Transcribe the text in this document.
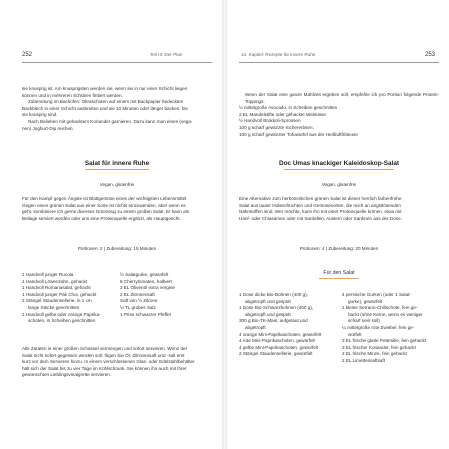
252	Teil III: Der Plan
sie knusprig ist. Am knusprigsten werden sie, wenn sie in nur einer Schicht liegen
können und in mehreren Schüben frittiert werden.
Zubereitung im Backofen: Okraschoten auf einem mit Backpapier bedeckten
Backblech in einer Schicht ausbreiten und sie 10 Minuten oder länger backen, bis
sie knusprig sind.
Nach Belieben mit gehacktem Koriander garnieren. Dazu kann man einen (vega-
nen) Joghurt-Dip reichen.
Salat für innere Ruhe
Vegan, glutenfrei
Für den Kampf gegen Ängste ist Blattgemüse eines der wichtigsten Lebensmittel.
Gegen einen grünen Salat aus einer Sorte ist nichts einzuwenden, aber wenn es
geht, kombiniere ich gerne diverses Grünzeug zu einem großen Salat. Er kann als
Beilage serviert werden oder uns eine Proteinquelle ergänzt, als Hauptgericht.
Portionen: 2 | Zubereitung: 15 Minuten
1 Handvoll junger Rucola
1 Handvoll Löwenzahn, gehackt
1 Handvoll Romanasalat, gehackt
1 Handvoll junger Pak Choi, gehackt
2 Stängel Staudensellerie, in 1 cm
lange Stücke geschnitten
1 Handvoll gelbe oder orange Paprika-
schoten, in Scheiben geschnitten
½ Salatgurke, gewürfelt
8 Cherrytomaten, halbiert
2 EL Olivenöl extra vergine
2 EL Zitronensaft
Saft von ½ Zitrone
½ TL grobes Salz
1 Prise schwarzer Pfeffer
Alle Zutaten in einer großen Schüssel vermengen und sofort servieren. Wenn der
Salat nicht sofort gegessen werden soll, fügen Sie Öl, Zitronensaft und ·salt erst
kurz vor dem Servieren hinzu. In einem verschlossenen Glas- oder Edelstahlbehälter
hält sich der Salat bis zu vier Tage im Kühlschrank. Sie können ihn auch mit Ihrer
gewünschten Lieblingsvinaigrette servieren.
14. Kapitel: Rezepte für innere Ruhe	253

Wenn der Salat eine ganze Mahlzeit ergeben soll, empfehle ich pro Portion folgende Protein-Toppings:

½ mittelgroße Avocado, in Scheiben geschnitten
2 EL Mandelstifte oder gehackte Walnüsse
½ Handvoll Brokkoli-Sprossen
100 g scharf gewürzte Kichererbsen,
100 g scharf gewürzter Tofuwürfel aus der Heißluftfritteuse
Doc Umas knackiger Kaleidoskop-Salat
Vegan, glutenfrei
Eine Alternative zum herkömmlichen grünen Salat ist dieser herrlich farbenfrohe
Salat aus lauter Hülsenfrüchten und Gemüsesorten, die reich an angstlösenden
Nährstoffen sind. Wer möchte, kann ihn mit einer Proteinquelle krönen, etwa mit
Hanf- oder Chiasamen oder mit Sardellen, Austern oder Sardinen aus der Dose.
Portionen: 4 | Zubereitung: 20 Minuten
Für den Salat
1 Dose dicke Bio-Bohnen (400 g),
abgetropft und gespült
1 Dose Bio-Schwarzbohnen (400 g),
abgetropft und gespült
300 g Bio-TK-Mais, aufgetaut und
abgetropft
4 orange Mini-Paprikaschoten, gewürfelt
4 rote Mini-Paprikaschoten, gewürfelt
4 gelbe Mini-Paprikaschoten, gewürfelt
2 Stängel Staudensellerie, gewürfelt
4 persische Gurken (oder 1 Salat-
gurke), gewürfelt
1 kleine Serrano-Chilischote, fein ge-
hackt (ohne Kerne, wenn es weniger
scharf sein soll)
¼ mittelgroße rote Zwiebel, fein ge-
würfelt
3 EL frische glatte Petersilie, fein gehackt
3 EL frischer Koriander, fein gehackt
2 EL frische Minze, fein gehackt
2 EL Limettensaftsaft
